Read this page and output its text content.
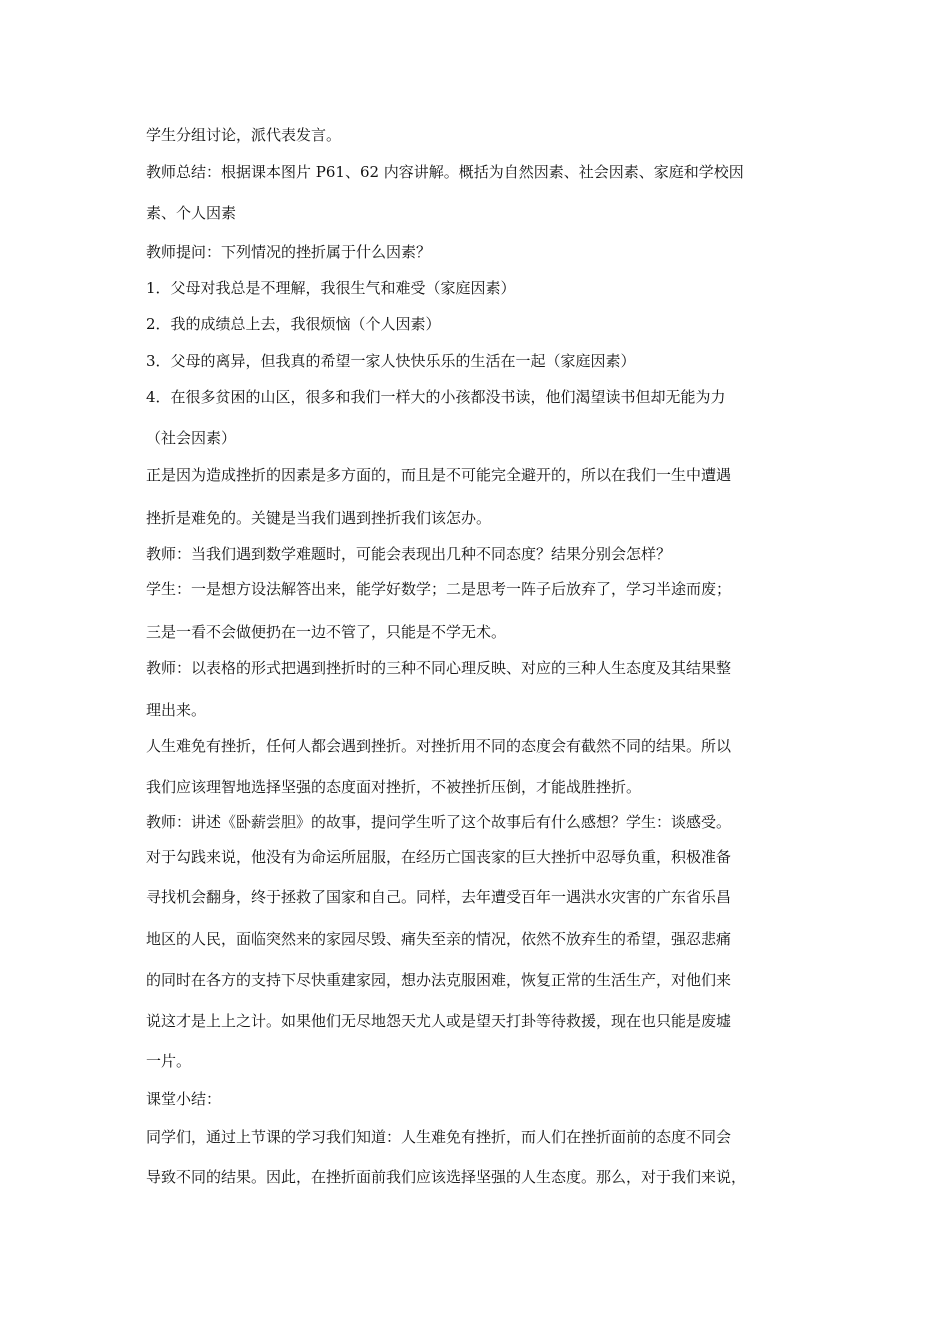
学生分组讨论，派代表发言。
教师总结：根据课本图片 P61、62 内容讲解。概括为自然因素、社会因素、家庭和学校因
素、个人因素
教师提问：下列情况的挫折属于什么因素？
1．父母对我总是不理解，我很生气和难受（家庭因素）
2．我的成绩总上去，我很烦恼（个人因素）
3．父母的离异，但我真的希望一家人快快乐乐的生活在一起（家庭因素）
4．在很多贫困的山区，很多和我们一样大的小孩都没书读，他们渴望读书但却无能为力
（社会因素）
正是因为造成挫折的因素是多方面的，而且是不可能完全避开的，所以在我们一生中遭遇
挫折是难免的。关键是当我们遇到挫折我们该怎办。
教师：当我们遇到数学难题时，可能会表现出几种不同态度？结果分别会怎样？
学生：一是想方设法解答出来，能学好数学；二是思考一阵子后放弃了，学习半途而废；
三是一看不会做便扔在一边不管了，只能是不学无术。
教师：以表格的形式把遇到挫折时的三种不同心理反映、对应的三种人生态度及其结果整
理出来。
人生难免有挫折，任何人都会遇到挫折。对挫折用不同的态度会有截然不同的结果。所以
我们应该理智地选择坚强的态度面对挫折，不被挫折压倒，才能战胜挫折。
教师：讲述《卧薪尝胆》的故事，提问学生听了这个故事后有什么感想？学生：谈感受。
对于勾践来说，他没有为命运所屈服，在经历亡国丧家的巨大挫折中忍辱负重，积极准备
寻找机会翻身，终于拯救了国家和自己。同样，去年遭受百年一遇洪水灾害的广东省乐昌
地区的人民，面临突然来的家园尽毁、痛失至亲的情况，依然不放弃生的希望，强忍悲痛
的同时在各方的支持下尽快重建家园，想办法克服困难，恢复正常的生活生产，对他们来
说这才是上上之计。如果他们无尽地怨天尤人或是望天打卦等待救援，现在也只能是废墟
一片。
课堂小结：
同学们，通过上节课的学习我们知道：人生难免有挫折，而人们在挫折面前的态度不同会
导致不同的结果。因此，在挫折面前我们应该选择坚强的人生态度。那么，对于我们来说，
